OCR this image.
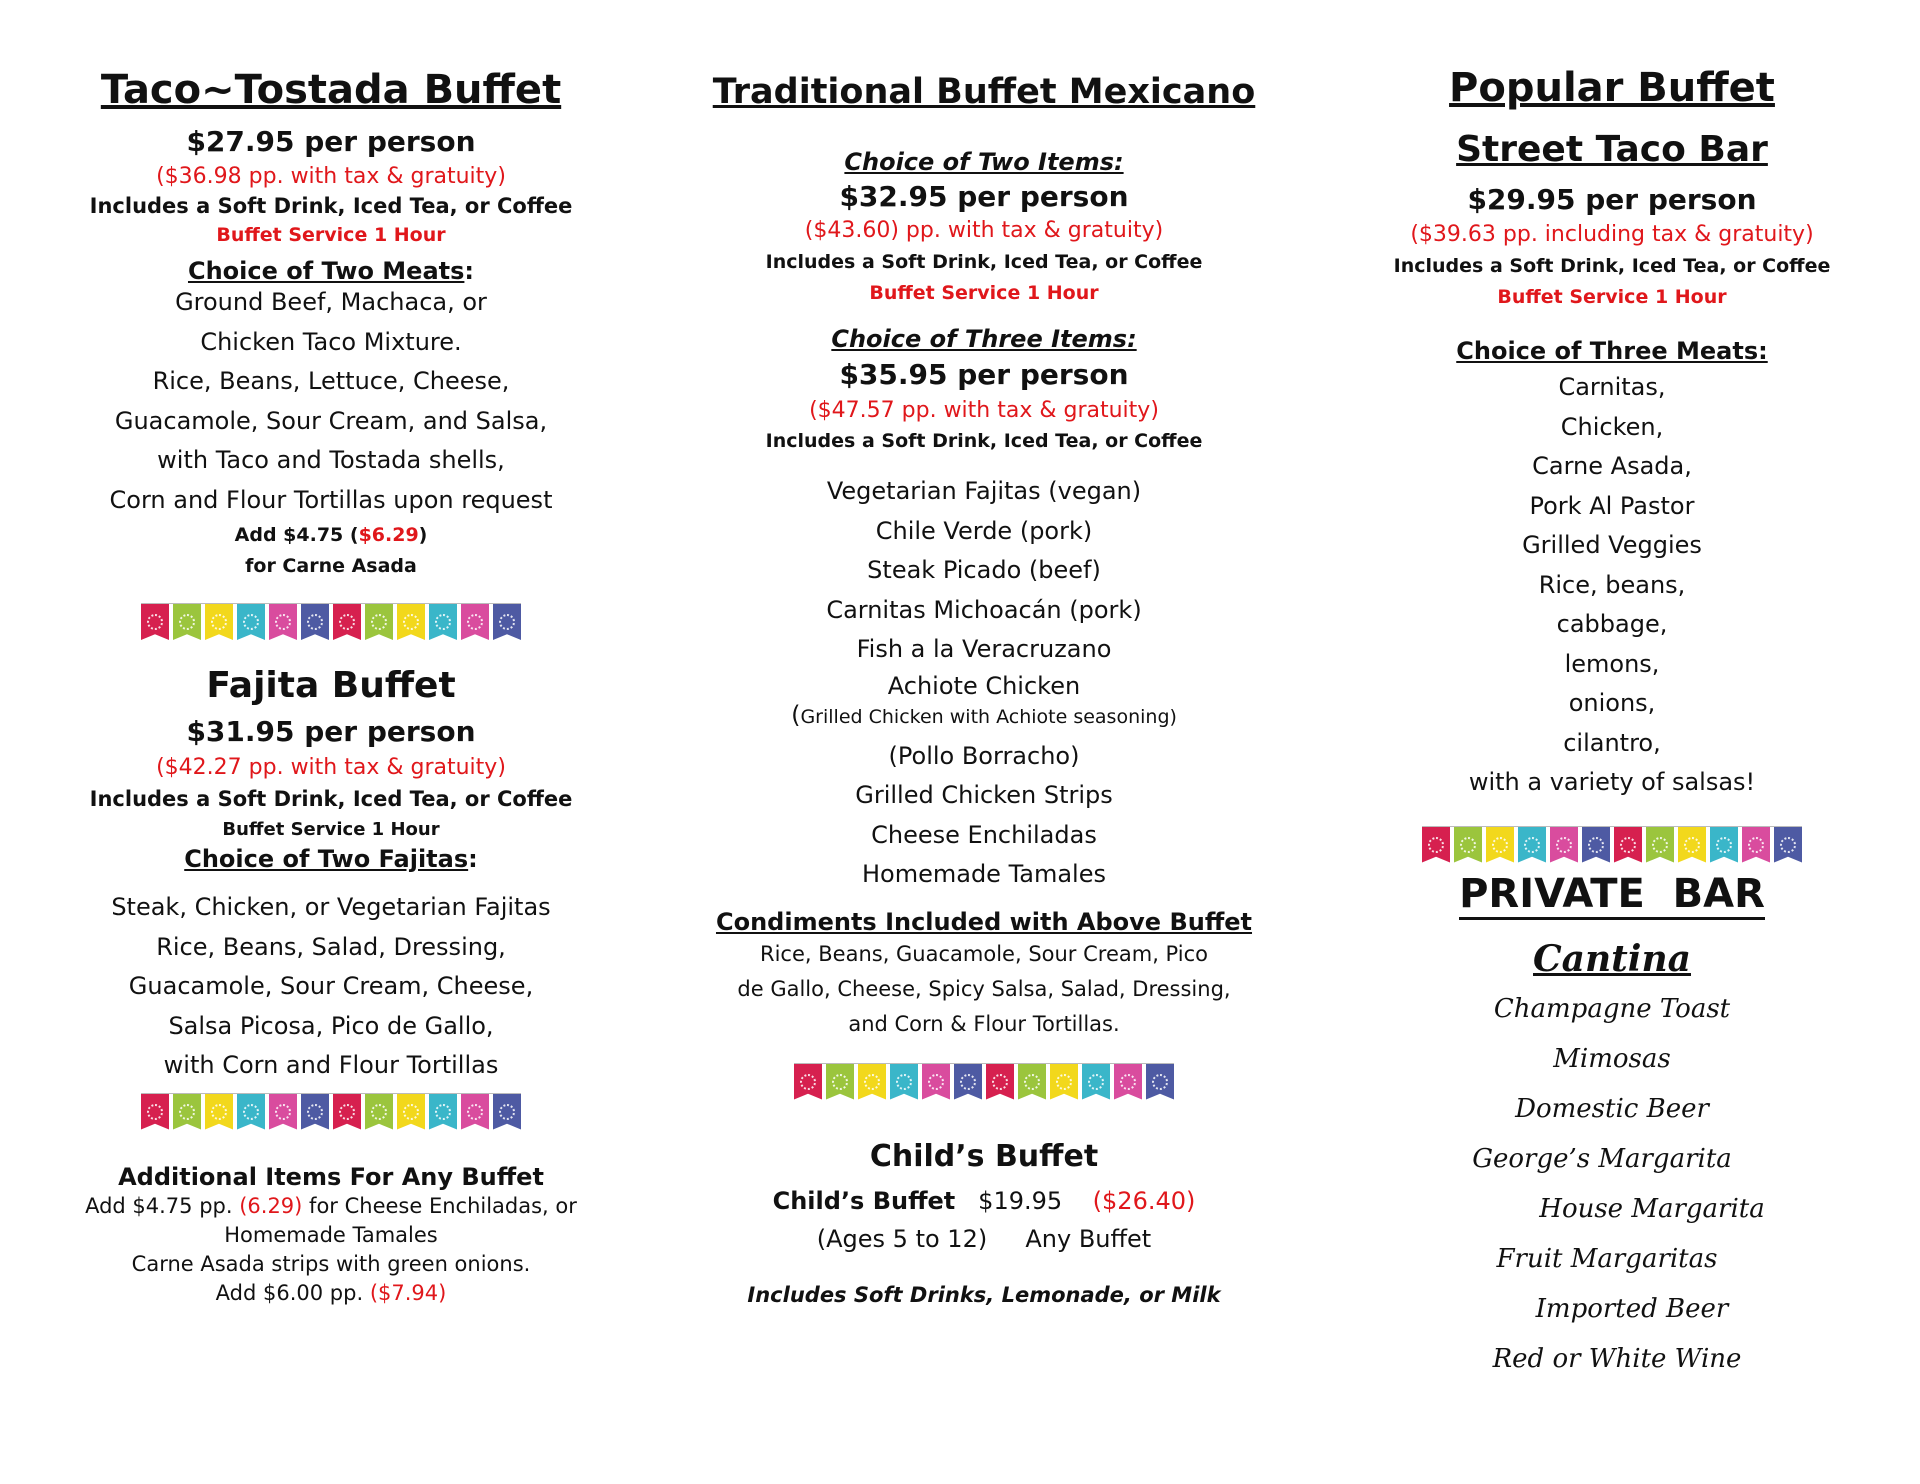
Taco~Tostada Buffet
$27.95 per person
($36.98 pp. with tax & gratuity)
Includes a Soft Drink, Iced Tea, or Coffee
Buffet Service 1 Hour
Choice of Two Meats:
Ground Beef, Machaca, or
Chicken Taco Mixture.
Rice, Beans, Lettuce, Cheese,
Guacamole, Sour Cream, and Salsa,
with Taco and Tostada shells,
Corn and Flour Tortillas upon request
Add $4.75 ($6.29)
for Carne Asada
Fajita Buffet
$31.95 per person
($42.27 pp. with tax & gratuity)
Includes a Soft Drink, Iced Tea, or Coffee
Buffet Service 1 Hour
Choice of Two Fajitas:
Steak, Chicken, or Vegetarian Fajitas
Rice, Beans, Salad, Dressing,
Guacamole, Sour Cream, Cheese,
Salsa Picosa, Pico de Gallo,
with Corn and Flour Tortillas
Additional Items For Any Buffet
Add $4.75 pp. (6.29) for Cheese Enchiladas, or
Homemade Tamales
Carne Asada strips with green onions.
Add $6.00 pp. ($7.94)
Traditional Buffet Mexicano
Choice of Two Items:
$32.95 per person
($43.60) pp. with tax & gratuity)
Includes a Soft Drink, Iced Tea, or Coffee
Buffet Service 1 Hour
Choice of Three Items:
$35.95 per person
($47.57 pp. with tax & gratuity)
Includes a Soft Drink, Iced Tea, or Coffee
Vegetarian Fajitas (vegan)
Chile Verde (pork)
Steak Picado (beef)
Carnitas Michoacán (pork)
Fish a la Veracruzano
Achiote Chicken
(Grilled Chicken with Achiote seasoning)
(Pollo Borracho)
Grilled Chicken Strips
Cheese Enchiladas
Homemade Tamales
Condiments Included with Above Buffet
Rice, Beans, Guacamole, Sour Cream, Pico
de Gallo, Cheese, Spicy Salsa, Salad, Dressing,
and Corn & Flour Tortillas.
Child’s Buffet
Child’s Buffet $19.95 ($26.40)
(Ages 5 to 12) Any Buffet
Includes Soft Drinks, Lemonade, or Milk
Popular Buffet
Street Taco Bar
$29.95 per person
($39.63 pp. including tax & gratuity)
Includes a Soft Drink, Iced Tea, or Coffee
Buffet Service 1 Hour
Choice of Three Meats:
Carnitas,
Chicken,
Carne Asada,
Pork Al Pastor
Grilled Veggies
Rice, beans,
cabbage,
lemons,
onions,
cilantro,
with a variety of salsas!
PRIVATE  BAR
Cantina
Champagne Toast
Mimosas
Domestic Beer
George’s Margarita
House Margarita
Fruit Margaritas
Imported Beer
Red or White Wine
